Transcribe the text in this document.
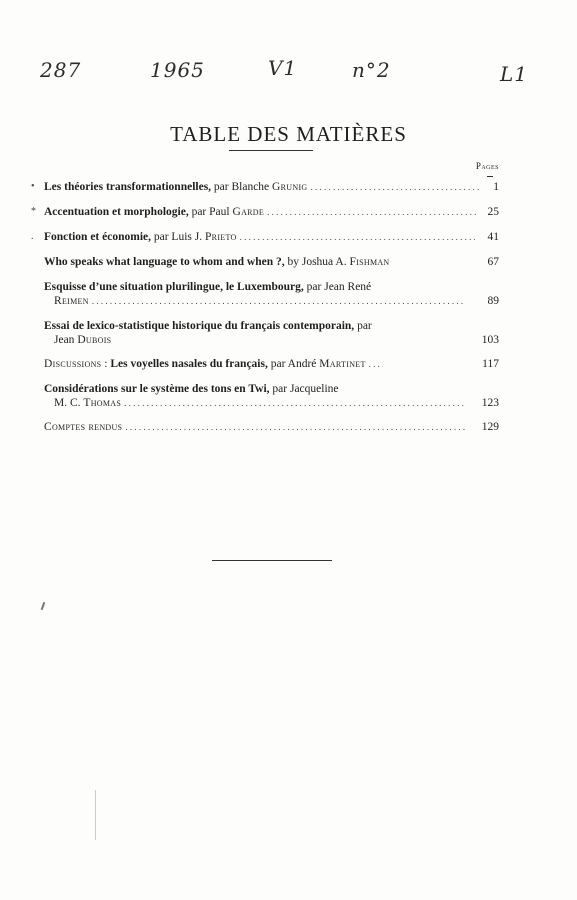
287	1965	V1	n°2	L1
TABLE DES MATIÈRES
Pages
• Les théories transformationnelles, par Blanche Grunig . . .	1
* Accentuation et morphologie, par Paul Garde . . .	25
. Fonction et économie, par Luis J. Prieto . . .	41
Who speaks what language to whom and when ?, by Joshua A. Fishman	67
Esquisse d’une situation plurilingue, le Luxembourg, par Jean René
Reimen . . .	89
Essai de lexico-statistique historique du français contemporain, par
Jean Dubois	103
Discussions : Les voyelles nasales du français, par André Martinet . . .	117
Considérations sur le système des tons en Twi, par Jacqueline
M. C. Thomas . . .	123
Comptes rendus . . .	129
